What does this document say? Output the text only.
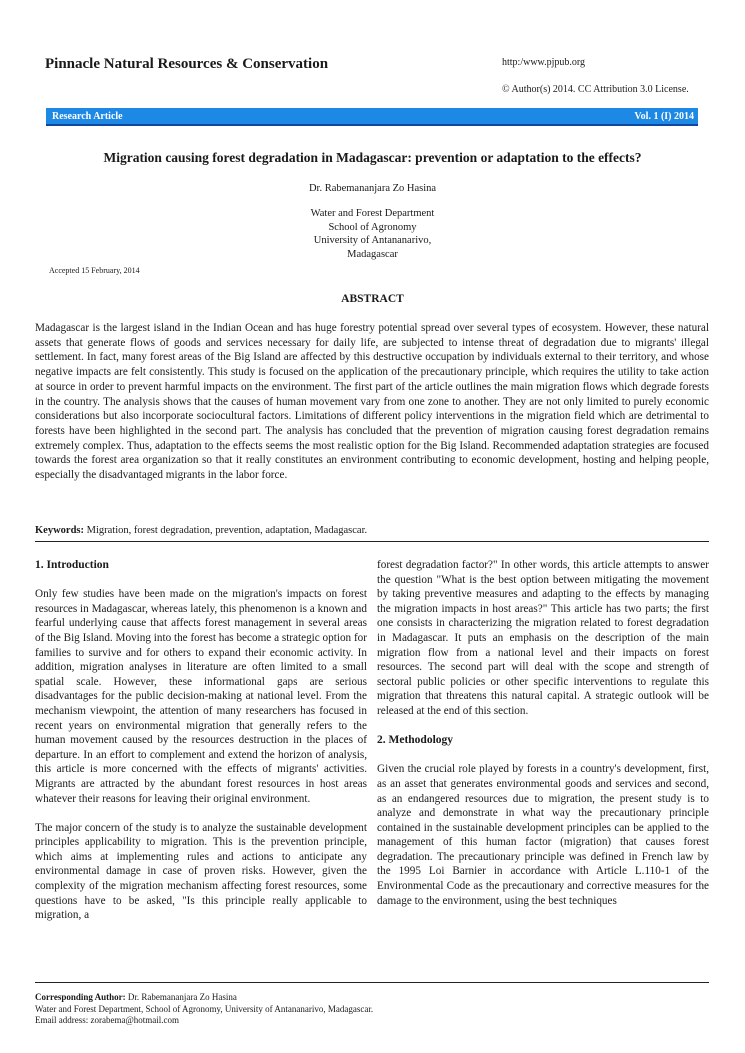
Pinnacle Natural Resources & Conservation	http:/www.pjpub.org
© Author(s) 2014. CC Attribution 3.0 License.
Research Article	Vol. 1 (I) 2014
Migration causing forest degradation in Madagascar: prevention or adaptation to the effects?
Dr. Rabemananjara Zo Hasina
Water and Forest Department
School of Agronomy
University of Antananarivo,
Madagascar
Accepted 15 February, 2014
ABSTRACT
Madagascar is the largest island in the Indian Ocean and has huge forestry potential spread over several types of ecosystem. However, these natural assets that generate flows of goods and services necessary for daily life, are subjected to intense threat of degradation due to migrants' illegal settlement. In fact, many forest areas of the Big Island are affected by this destructive occupation by individuals external to their territory, and whose negative impacts are felt consistently. This study is focused on the application of the precautionary principle, which requires the utility to take action at source in order to prevent harmful impacts on the environment. The first part of the article outlines the main migration flows which degrade forests in the country. The analysis shows that the causes of human movement vary from one zone to another. They are not only limited to purely economic considerations but also incorporate sociocultural factors. Limitations of different policy interventions in the migration field which are detrimental to forests have been highlighted in the second part. The analysis has concluded that the prevention of migration causing forest degradation remains extremely complex. Thus, adaptation to the effects seems the most realistic option for the Big Island. Recommended adaptation strategies are focused towards the forest area organization so that it really constitutes an environment contributing to economic development, hosting and helping people, especially the disadvantaged migrants in the labor force.
Keywords: Migration, forest degradation, prevention, adaptation, Madagascar.

1. Introduction

Only few studies have been made on the migration's impacts on forest resources in Madagascar, whereas lately, this phenomenon is a known and fearful underlying cause that affects forest management in several areas of the Big Island. Moving into the forest has become a strategic option for families to survive and for others to expand their economic activity. In addition, migration analyses in literature are often limited to a small spatial scale. However, these informational gaps are serious disadvantages for the public decision-making at national level. From the mechanism viewpoint, the attention of many researchers has focused in recent years on environmental migration that generally refers to the human movement caused by the resources destruction in the places of departure. In an effort to complement and extend the horizon of analysis, this article is more concerned with the effects of migrants' activities. Migrants are attracted by the abundant forest resources in host areas whatever their reasons for leaving their original environment.

The major concern of the study is to analyze the sustainable development principles applicability to migration. This is the prevention principle, which aims at implementing rules and actions to anticipate any environmental damage in case of proven risks. However, given the complexity of the migration mechanism affecting forest resources, some questions have to be asked, "Is this principle really applicable to migration, a

forest degradation factor?" In other words, this article attempts to answer the question "What is the best option between mitigating the movement by taking preventive measures and adapting to the effects by managing the migration impacts in host areas?" This article has two parts; the first one consists in characterizing the migration related to forest degradation in Madagascar. It puts an emphasis on the description of the main migration flow from a national level and their impacts on forest resources. The second part will deal with the scope and strength of sectoral public policies or other specific interventions to regulate this migration that threatens this natural capital. A strategic outlook will be released at the end of this section.

2. Methodology

Given the crucial role played by forests in a country's development, first, as an asset that generates environmental goods and services and second, as an endangered resources due to migration, the present study is to analyze and demonstrate in what way the precautionary principle contained in the sustainable development principles can be applied to the management of this human factor (migration) that causes forest degradation. The precautionary principle was defined in French law by the 1995 Loi Barnier in accordance with Article L.110-1 of the Environmental Code as the precautionary and corrective measures for the damage to the environment, using the best techniques

Corresponding Author: Dr. Rabemananjara Zo Hasina
Water and Forest Department, School of Agronomy, University of Antananarivo, Madagascar.
Email address: zorabema@hotmail.com
